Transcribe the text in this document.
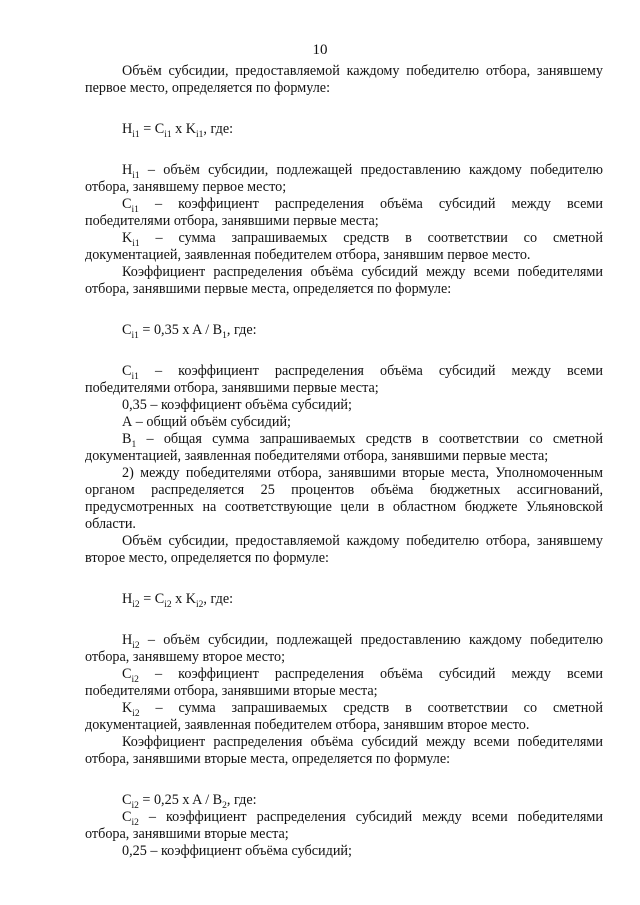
10

Объём субсидии, предоставляемой каждому победителю отбора, занявшему первое место, определяется по формуле:

$H_{i1} = C_{i1}$ x $K_{i1}$, где:

$H_{i1}$ – объём субсидии, подлежащей предоставлению каждому победителю отбора, занявшему первое место;

$C_{i1}$ – коэффициент распределения объёма субсидий между всеми победителями отбора, занявшими первые места;

$K_{i1}$ – сумма запрашиваемых средств в соответствии со сметной документацией, заявленная победителем отбора, занявшим первое место.

Коэффициент распределения объёма субсидий между всеми победителями отбора, занявшими первые места, определяется по формуле:

$C_{i1} = 0,35$ x A / $B_1$, где:

$C_{i1}$ – коэффициент распределения объёма субсидий между всеми победителями отбора, занявшими первые места;

0,35 – коэффициент объёма субсидий;

А – общий объём субсидий;

$B_1$ – общая сумма запрашиваемых средств в соответствии со сметной документацией, заявленная победителями отбора, занявшими первые места;

2) между победителями отбора, занявшими вторые места, Уполномоченным органом распределяется 25 процентов объёма бюджетных ассигнований, предусмотренных на соответствующие цели в областном бюджете Ульяновской области.

Объём субсидии, предоставляемой каждому победителю отбора, занявшему второе место, определяется по формуле:

$H_{i2} = C_{i2}$ x $K_{i2}$, где:

$H_{i2}$ – объём субсидии, подлежащей предоставлению каждому победителю отбора, занявшему второе место;

$C_{i2}$ – коэффициент распределения объёма субсидий между всеми победителями отбора, занявшими вторые места;

$K_{i2}$ – сумма запрашиваемых средств в соответствии со сметной документацией, заявленная победителем отбора, занявшим второе место.

Коэффициент распределения объёма субсидий между всеми победителями отбора, занявшими вторые места, определяется по формуле:

$C_{i2} = 0,25$ x A / $B_2$, где:

$C_{i2}$ – коэффициент распределения субсидий между всеми победителями отбора, занявшими вторые места;

0,25 – коэффициент объёма субсидий;
